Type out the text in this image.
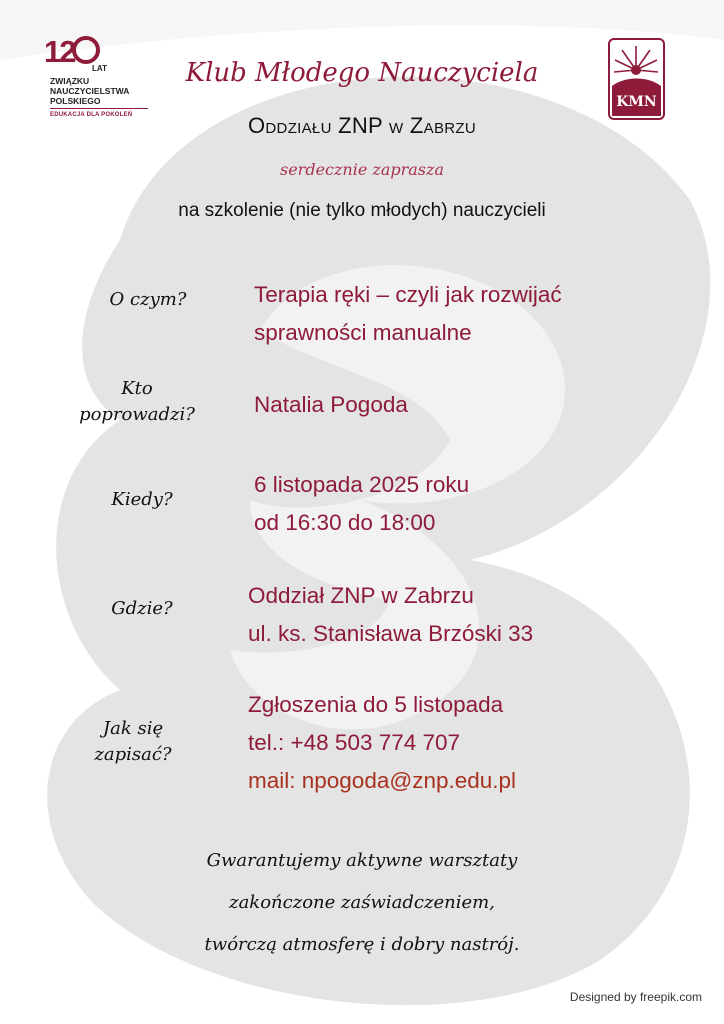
12 LAT
ZWIĄZKU
NAUCZYCIELSTWA
POLSKIEGO
EDUKACJA DLA POKOLEŃ
KMN
Klub Młodego Nauczyciela
Oddziału ZNP w Zabrzu
serdecznie zaprasza
na szkolenie (nie tylko młodych) nauczycieli
O czym?	Terapia ręki – czyli jak rozwijać
sprawności manualne
Kto poprowadzi?	Natalia Pogoda
Kiedy?
6 listopada 2025 roku
od 16:30 do 18:00
Gdzie?
Oddział ZNP w Zabrzu
ul. ks. Stanisława Brzóski 33
Jak się zapisać?
Zgłoszenia do 5 listopada
tel.: +48 503 774 707
mail: npogoda@znp.edu.pl
Gwarantujemy aktywne warsztaty
zakończone zaświadczeniem,
twórczą atmosferę i dobry nastrój.
Designed by freepik.com
